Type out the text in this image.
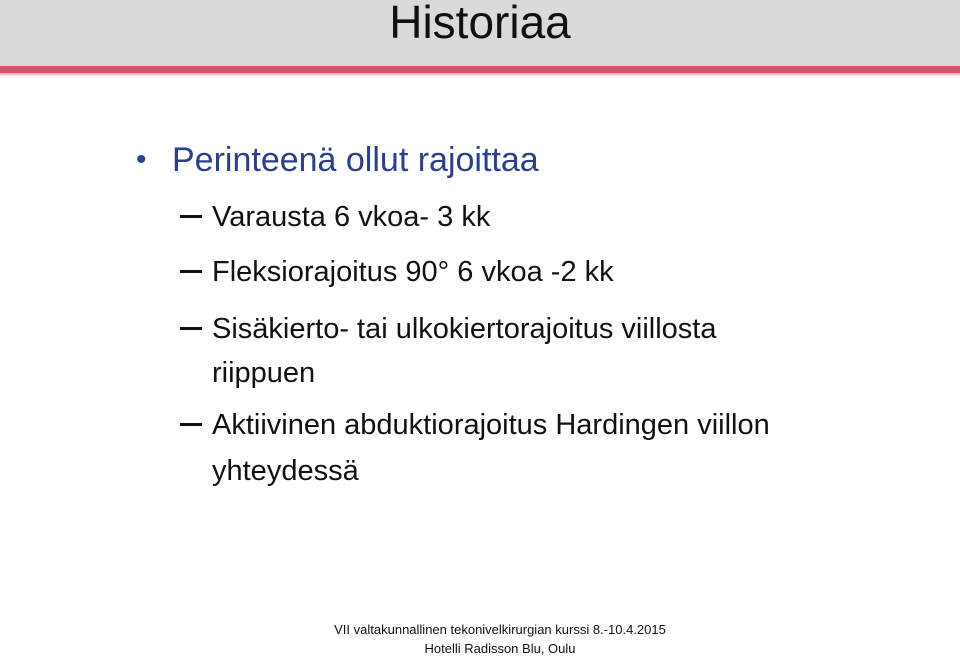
Historiaa
• Perinteenä ollut rajoittaa
Varausta 6 vkoa- 3 kk
Fleksiorajoitus 90° 6 vkoa -2 kk
Sisäkierto- tai ulkokiertorajoitus viillosta
riippuen
Aktiivinen abduktiorajoitus Hardingen viillon
yhteydessä
VII valtakunnallinen tekonivelkirurgian kurssi 8.-10.4.2015
Hotelli Radisson Blu, Oulu
